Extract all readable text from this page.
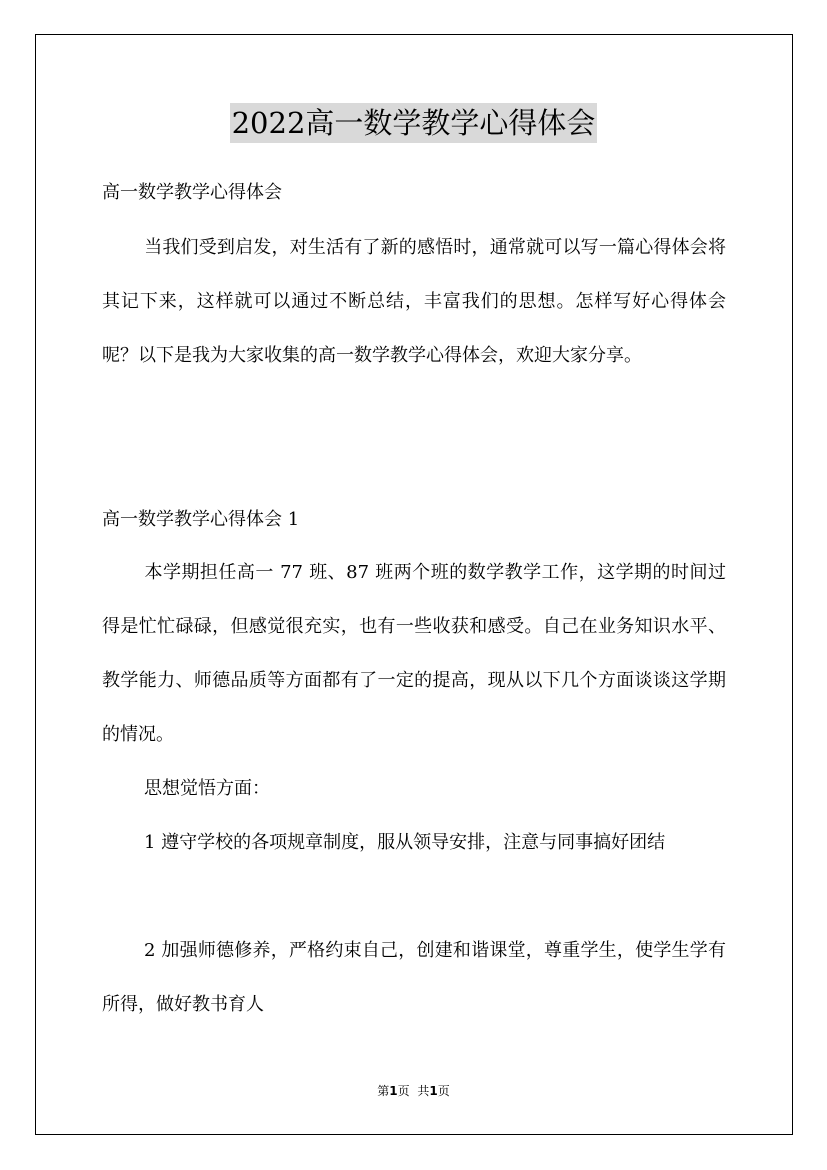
2022高一数学教学心得体会
高一数学教学心得体会

当我们受到启发，对生活有了新的感悟时，通常就可以写一篇心得体会将其记下来，这样就可以通过不断总结，丰富我们的思想。怎样写好心得体会呢？以下是我为大家收集的高一数学教学心得体会，欢迎大家分享。

高一数学教学心得体会 1

本学期担任高一 77 班、87 班两个班的数学教学工作，这学期的时间过得是忙忙碌碌，但感觉很充实，也有一些收获和感受。自己在业务知识水平、教学能力、师德品质等方面都有了一定的提高，现从以下几个方面谈谈这学期的情况。

思想觉悟方面：

1 遵守学校的各项规章制度，服从领导安排，注意与同事搞好团结

2 加强师德修养，严格约束自己，创建和谐课堂，尊重学生，使学生学有所得，做好教书育人

第1页 共1页
